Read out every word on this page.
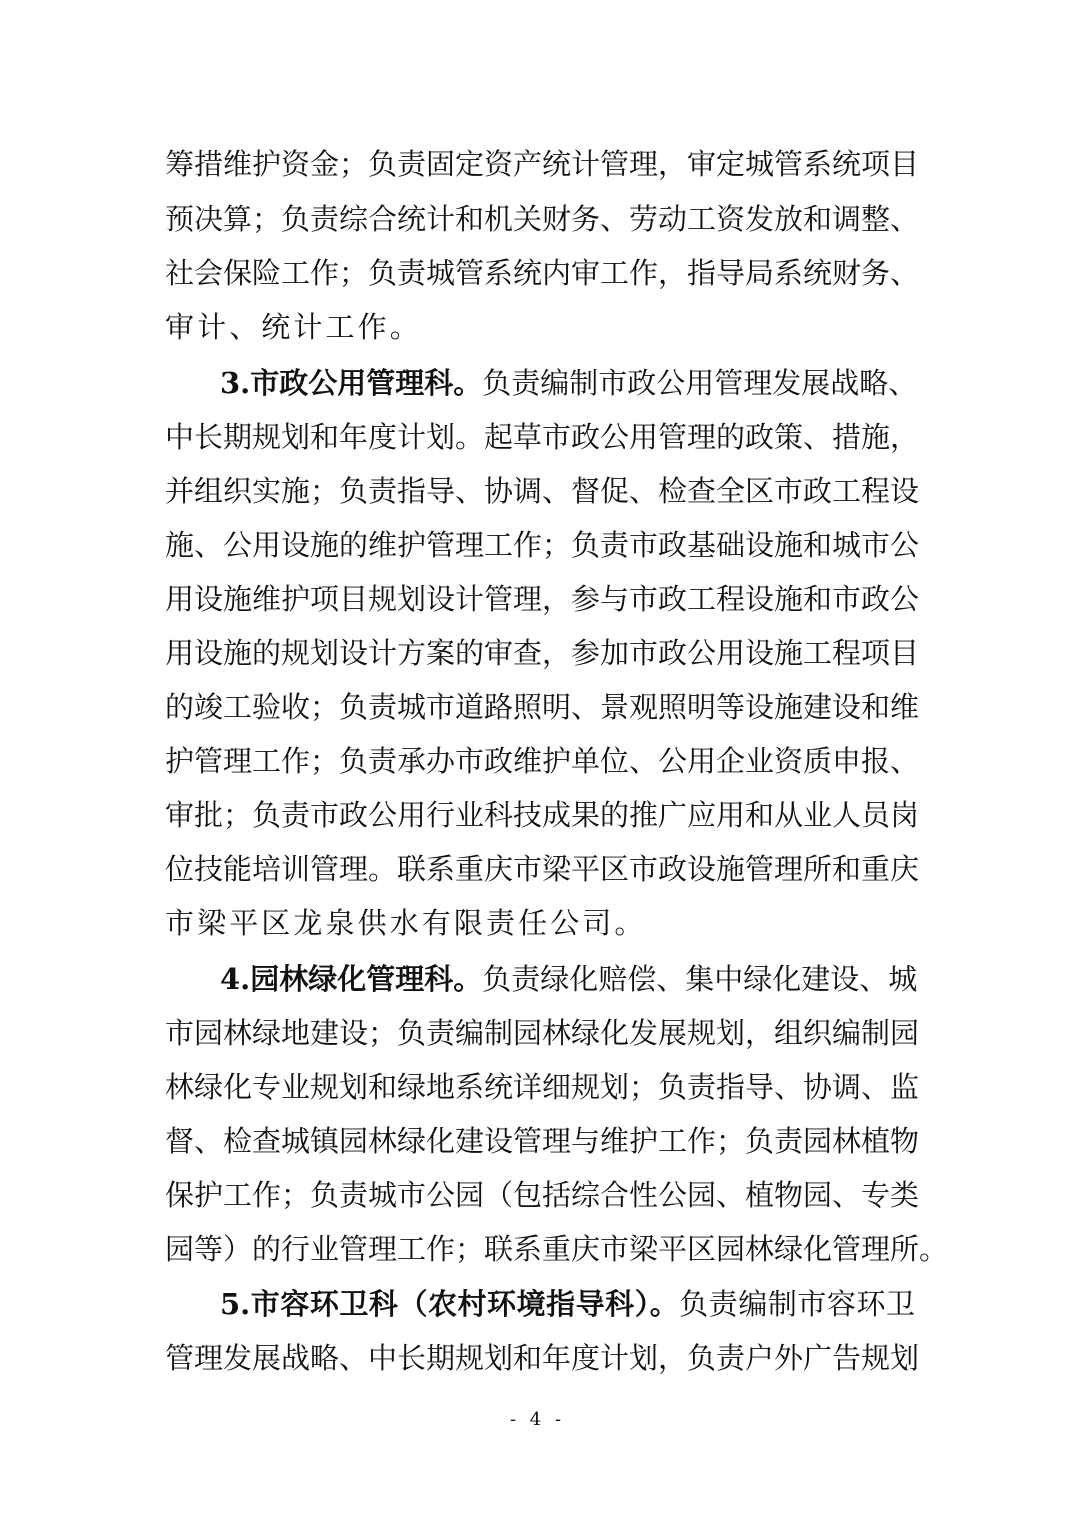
筹措维护资金；负责固定资产统计管理，审定城管系统项目
预决算；负责综合统计和机关财务、劳动工资发放和调整、
社会保险工作；负责城管系统内审工作，指导局系统财务、
审计、统计工作。
3.市政公用管理科。负责编制市政公用管理发展战略、
中长期规划和年度计划。起草市政公用管理的政策、措施，
并组织实施；负责指导、协调、督促、检查全区市政工程设
施、公用设施的维护管理工作；负责市政基础设施和城市公
用设施维护项目规划设计管理，参与市政工程设施和市政公
用设施的规划设计方案的审查，参加市政公用设施工程项目
的竣工验收；负责城市道路照明、景观照明等设施建设和维
护管理工作；负责承办市政维护单位、公用企业资质申报、
审批；负责市政公用行业科技成果的推广应用和从业人员岗
位技能培训管理。联系重庆市梁平区市政设施管理所和重庆
市梁平区龙泉供水有限责任公司。
4.园林绿化管理科。负责绿化赔偿、集中绿化建设、城
市园林绿地建设；负责编制园林绿化发展规划，组织编制园
林绿化专业规划和绿地系统详细规划；负责指导、协调、监
督、检查城镇园林绿化建设管理与维护工作；负责园林植物
保护工作；负责城市公园（包括综合性公园、植物园、专类
园等）的行业管理工作；联系重庆市梁平区园林绿化管理所。
5.市容环卫科（农村环境指导科）。负责编制市容环卫
管理发展战略、中长期规划和年度计划，负责户外广告规划
- 4 -
